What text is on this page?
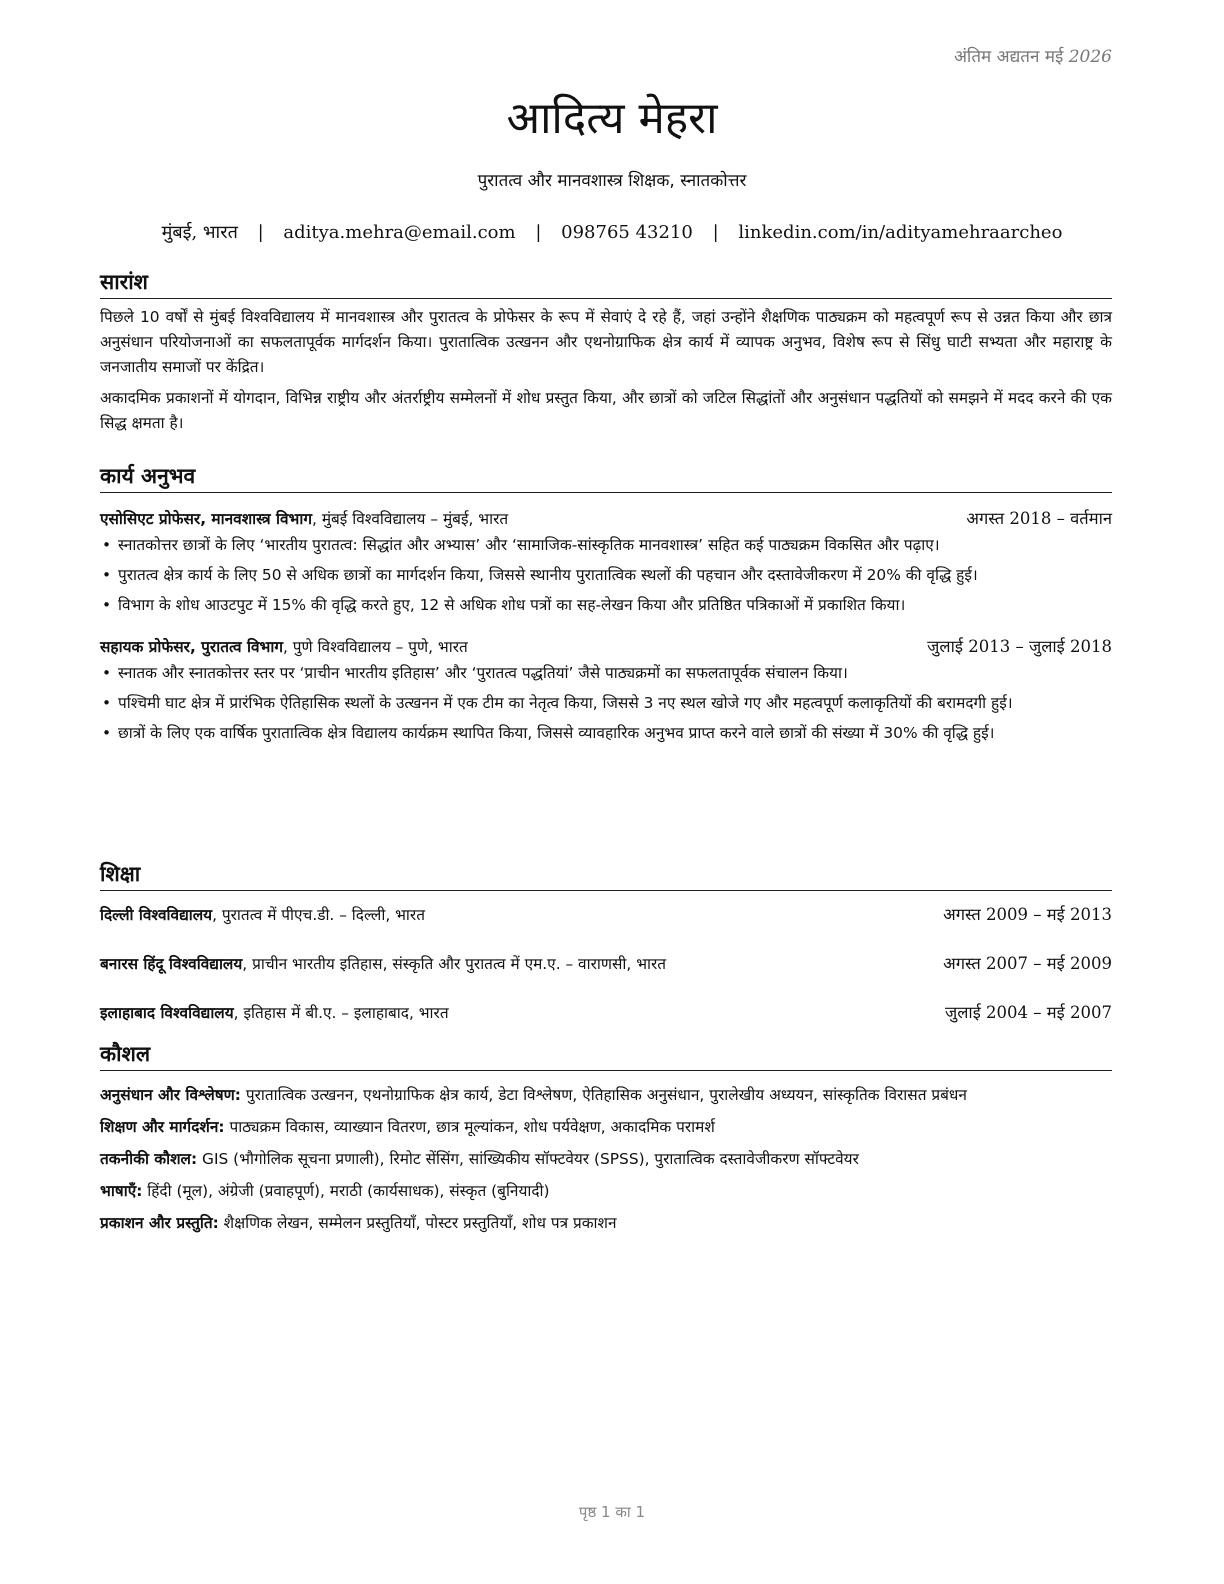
अंतिम अद्यतन मई 2026
आदित्य मेहरा
पुरातत्व और मानवशास्त्र शिक्षक, स्नातकोत्तर
मुंबई, भारत | aditya.mehra@email.com | 098765 43210 | linkedin.com/in/adityamehraarcheo
सारांश

पिछले 10 वर्षों से मुंबई विश्वविद्यालय में मानवशास्त्र और पुरातत्व के प्रोफेसर के रूप में सेवाएं दे रहे हैं, जहां उन्होंने शैक्षणिक पाठ्यक्रम को महत्वपूर्ण रूप से उन्नत किया और छात्र अनुसंधान परियोजनाओं का सफलतापूर्वक मार्गदर्शन किया। पुरातात्विक उत्खनन और एथनोग्राफिक क्षेत्र कार्य में व्यापक अनुभव, विशेष रूप से सिंधु घाटी सभ्यता और महाराष्ट्र के जनजातीय समाजों पर केंद्रित।

अकादमिक प्रकाशनों में योगदान, विभिन्न राष्ट्रीय और अंतर्राष्ट्रीय सम्मेलनों में शोध प्रस्तुत किया, और छात्रों को जटिल सिद्धांतों और अनुसंधान पद्धतियों को समझने में मदद करने की एक सिद्ध क्षमता है।

कार्य अनुभव
एसोसिएट प्रोफेसर, मानवशास्त्र विभाग, मुंबई विश्वविद्यालय – मुंबई, भारत	अगस्त 2018 – वर्तमान
• स्नातकोत्तर छात्रों के लिए ‘भारतीय पुरातत्व: सिद्धांत और अभ्यास’ और ‘सामाजिक-सांस्कृतिक मानवशास्त्र’ सहित कई पाठ्यक्रम विकसित और पढ़ाए।
• पुरातत्व क्षेत्र कार्य के लिए 50 से अधिक छात्रों का मार्गदर्शन किया, जिससे स्थानीय पुरातात्विक स्थलों की पहचान और दस्तावेजीकरण में 20% की वृद्धि हुई।
• विभाग के शोध आउटपुट में 15% की वृद्धि करते हुए, 12 से अधिक शोध पत्रों का सह-लेखन किया और प्रतिष्ठित पत्रिकाओं में प्रकाशित किया।
सहायक प्रोफेसर, पुरातत्व विभाग, पुणे विश्वविद्यालय – पुणे, भारत	जुलाई 2013 – जुलाई 2018
• स्नातक और स्नातकोत्तर स्तर पर ‘प्राचीन भारतीय इतिहास’ और ‘पुरातत्व पद्धतियां’ जैसे पाठ्यक्रमों का सफलतापूर्वक संचालन किया।
• पश्चिमी घाट क्षेत्र में प्रारंभिक ऐतिहासिक स्थलों के उत्खनन में एक टीम का नेतृत्व किया, जिससे 3 नए स्थल खोजे गए और महत्वपूर्ण कलाकृतियों की बरामदगी हुई।
• छात्रों के लिए एक वार्षिक पुरातात्विक क्षेत्र विद्यालय कार्यक्रम स्थापित किया, जिससे व्यावहारिक अनुभव प्राप्त करने वाले छात्रों की संख्या में 30% की वृद्धि हुई।
शिक्षा
दिल्ली विश्वविद्यालय, पुरातत्व में पीएच.डी. – दिल्ली, भारत	अगस्त 2009 – मई 2013
बनारस हिंदू विश्वविद्यालय, प्राचीन भारतीय इतिहास, संस्कृति और पुरातत्व में एम.ए. – वाराणसी, भारत	अगस्त 2007 – मई 2009
इलाहाबाद विश्वविद्यालय, इतिहास में बी.ए. – इलाहाबाद, भारत	जुलाई 2004 – मई 2007
कौशल

अनुसंधान और विश्लेषण: पुरातात्विक उत्खनन, एथनोग्राफिक क्षेत्र कार्य, डेटा विश्लेषण, ऐतिहासिक अनुसंधान, पुरालेखीय अध्ययन, सांस्कृतिक विरासत प्रबंधन

शिक्षण और मार्गदर्शन: पाठ्यक्रम विकास, व्याख्यान वितरण, छात्र मूल्यांकन, शोध पर्यवेक्षण, अकादमिक परामर्श

तकनीकी कौशल: GIS (भौगोलिक सूचना प्रणाली), रिमोट सेंसिंग, सांख्यिकीय सॉफ्टवेयर (SPSS), पुरातात्विक दस्तावेजीकरण सॉफ्टवेयर

भाषाएँ: हिंदी (मूल), अंग्रेजी (प्रवाहपूर्ण), मराठी (कार्यसाधक), संस्कृत (बुनियादी)

प्रकाशन और प्रस्तुति: शैक्षणिक लेखन, सम्मेलन प्रस्तुतियाँ, पोस्टर प्रस्तुतियाँ, शोध पत्र प्रकाशन

पृष्ठ 1 का 1
